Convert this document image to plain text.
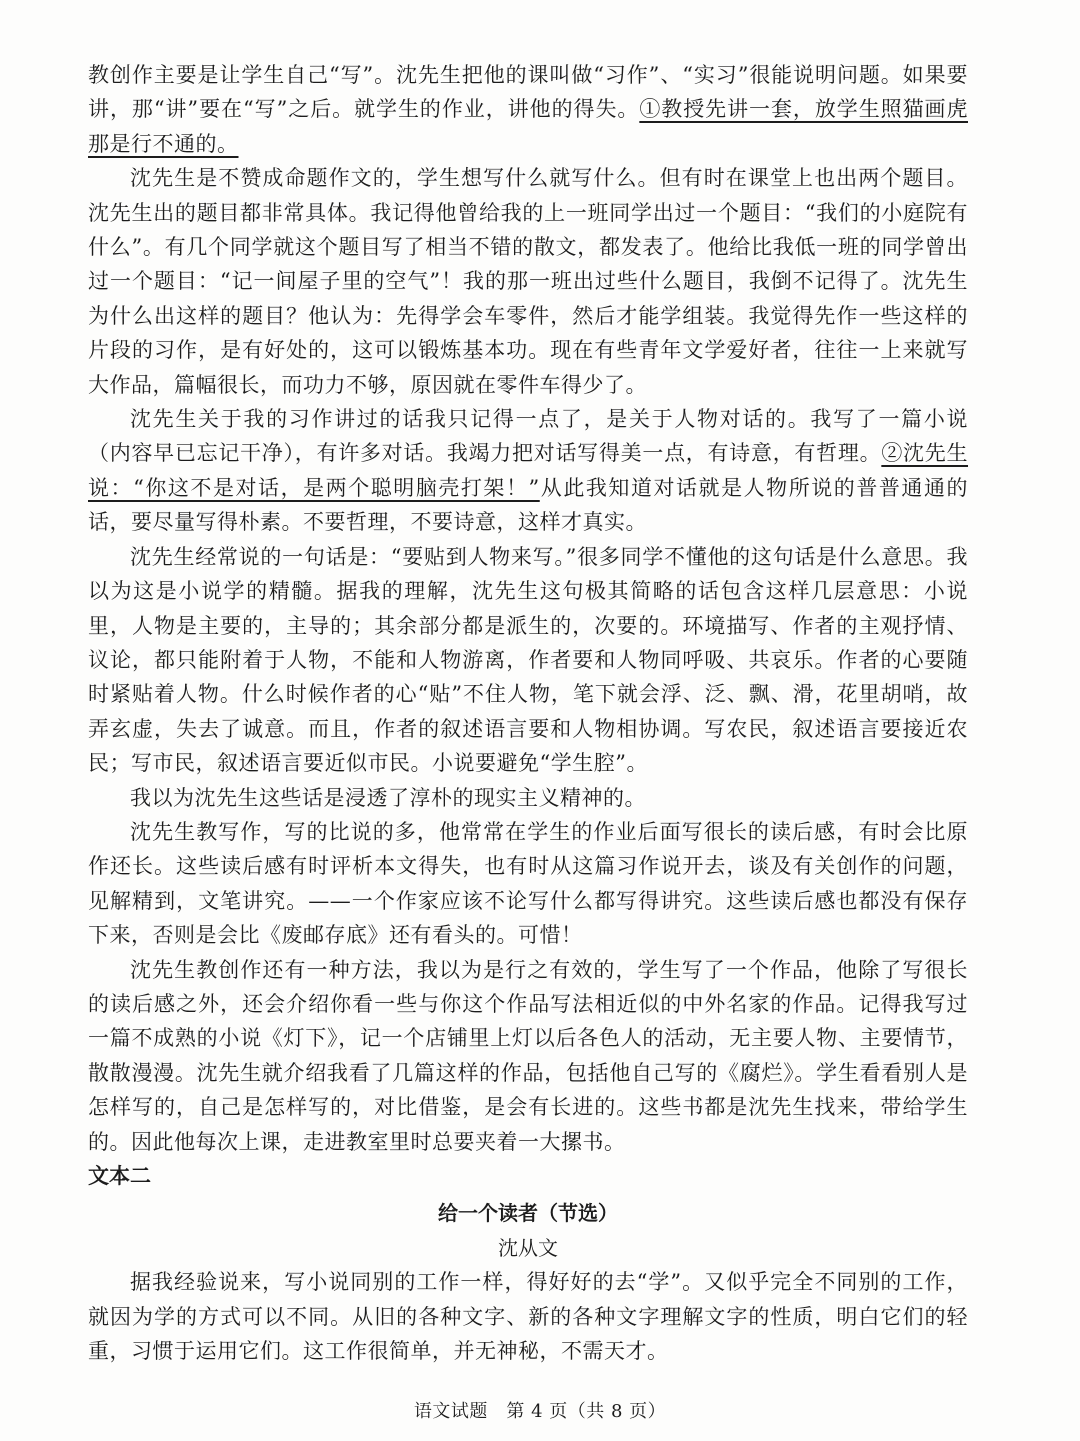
教创作主要是让学生自己“写”。沈先生把他的课叫做“习作”、“实习”很能说明问题。如果要讲，那“讲”要在“写”之后。就学生的作业，讲他的得失。①教授先讲一套，放学生照猫画虎那是行不通的。

沈先生是不赞成命题作文的，学生想写什么就写什么。但有时在课堂上也出两个题目。沈先生出的题目都非常具体。我记得他曾给我的上一班同学出过一个题目：“我们的小庭院有什么”。有几个同学就这个题目写了相当不错的散文，都发表了。他给比我低一班的同学曾出过一个题目：“记一间屋子里的空气”！我的那一班出过些什么题目，我倒不记得了。沈先生为什么出这样的题目？他认为：先得学会车零件，然后才能学组装。我觉得先作一些这样的片段的习作，是有好处的，这可以锻炼基本功。现在有些青年文学爱好者，往往一上来就写大作品，篇幅很长，而功力不够，原因就在零件车得少了。

沈先生关于我的习作讲过的话我只记得一点了，是关于人物对话的。我写了一篇小说（内容早已忘记干净），有许多对话。我竭力把对话写得美一点，有诗意，有哲理。②沈先生说：“你这不是对话，是两个聪明脑壳打架！”从此我知道对话就是人物所说的普普通通的话，要尽量写得朴素。不要哲理，不要诗意，这样才真实。

沈先生经常说的一句话是：“要贴到人物来写。”很多同学不懂他的这句话是什么意思。我以为这是小说学的精髓。据我的理解，沈先生这句极其简略的话包含这样几层意思：小说里，人物是主要的，主导的；其余部分都是派生的，次要的。环境描写、作者的主观抒情、议论，都只能附着于人物，不能和人物游离，作者要和人物同呼吸、共哀乐。作者的心要随时紧贴着人物。什么时候作者的心“贴”不住人物，笔下就会浮、泛、飘、滑，花里胡哨，故弄玄虚，失去了诚意。而且，作者的叙述语言要和人物相协调。写农民，叙述语言要接近农民；写市民，叙述语言要近似市民。小说要避免“学生腔”。

我以为沈先生这些话是浸透了淳朴的现实主义精神的。

沈先生教写作，写的比说的多，他常常在学生的作业后面写很长的读后感，有时会比原作还长。这些读后感有时评析本文得失，也有时从这篇习作说开去，谈及有关创作的问题，见解精到，文笔讲究。——一个作家应该不论写什么都写得讲究。这些读后感也都没有保存下来，否则是会比《废邮存底》还有看头的。可惜！

沈先生教创作还有一种方法，我以为是行之有效的，学生写了一个作品，他除了写很长的读后感之外，还会介绍你看一些与你这个作品写法相近似的中外名家的作品。记得我写过一篇不成熟的小说《灯下》，记一个店铺里上灯以后各色人的活动，无主要人物、主要情节，散散漫漫。沈先生就介绍我看了几篇这样的作品，包括他自己写的《腐烂》。学生看看别人是怎样写的，自己是怎样写的，对比借鉴，是会有长进的。这些书都是沈先生找来，带给学生的。因此他每次上课，走进教室里时总要夹着一大摞书。

文本二
给一个读者（节选）
沈从文

据我经验说来，写小说同别的工作一样，得好好的去“学”。又似乎完全不同别的工作，就因为学的方式可以不同。从旧的各种文字、新的各种文字理解文字的性质，明白它们的轻重，习惯于运用它们。这工作很简单，并无神秘，不需天才。

语文试题　第 4 页（共 8 页）
